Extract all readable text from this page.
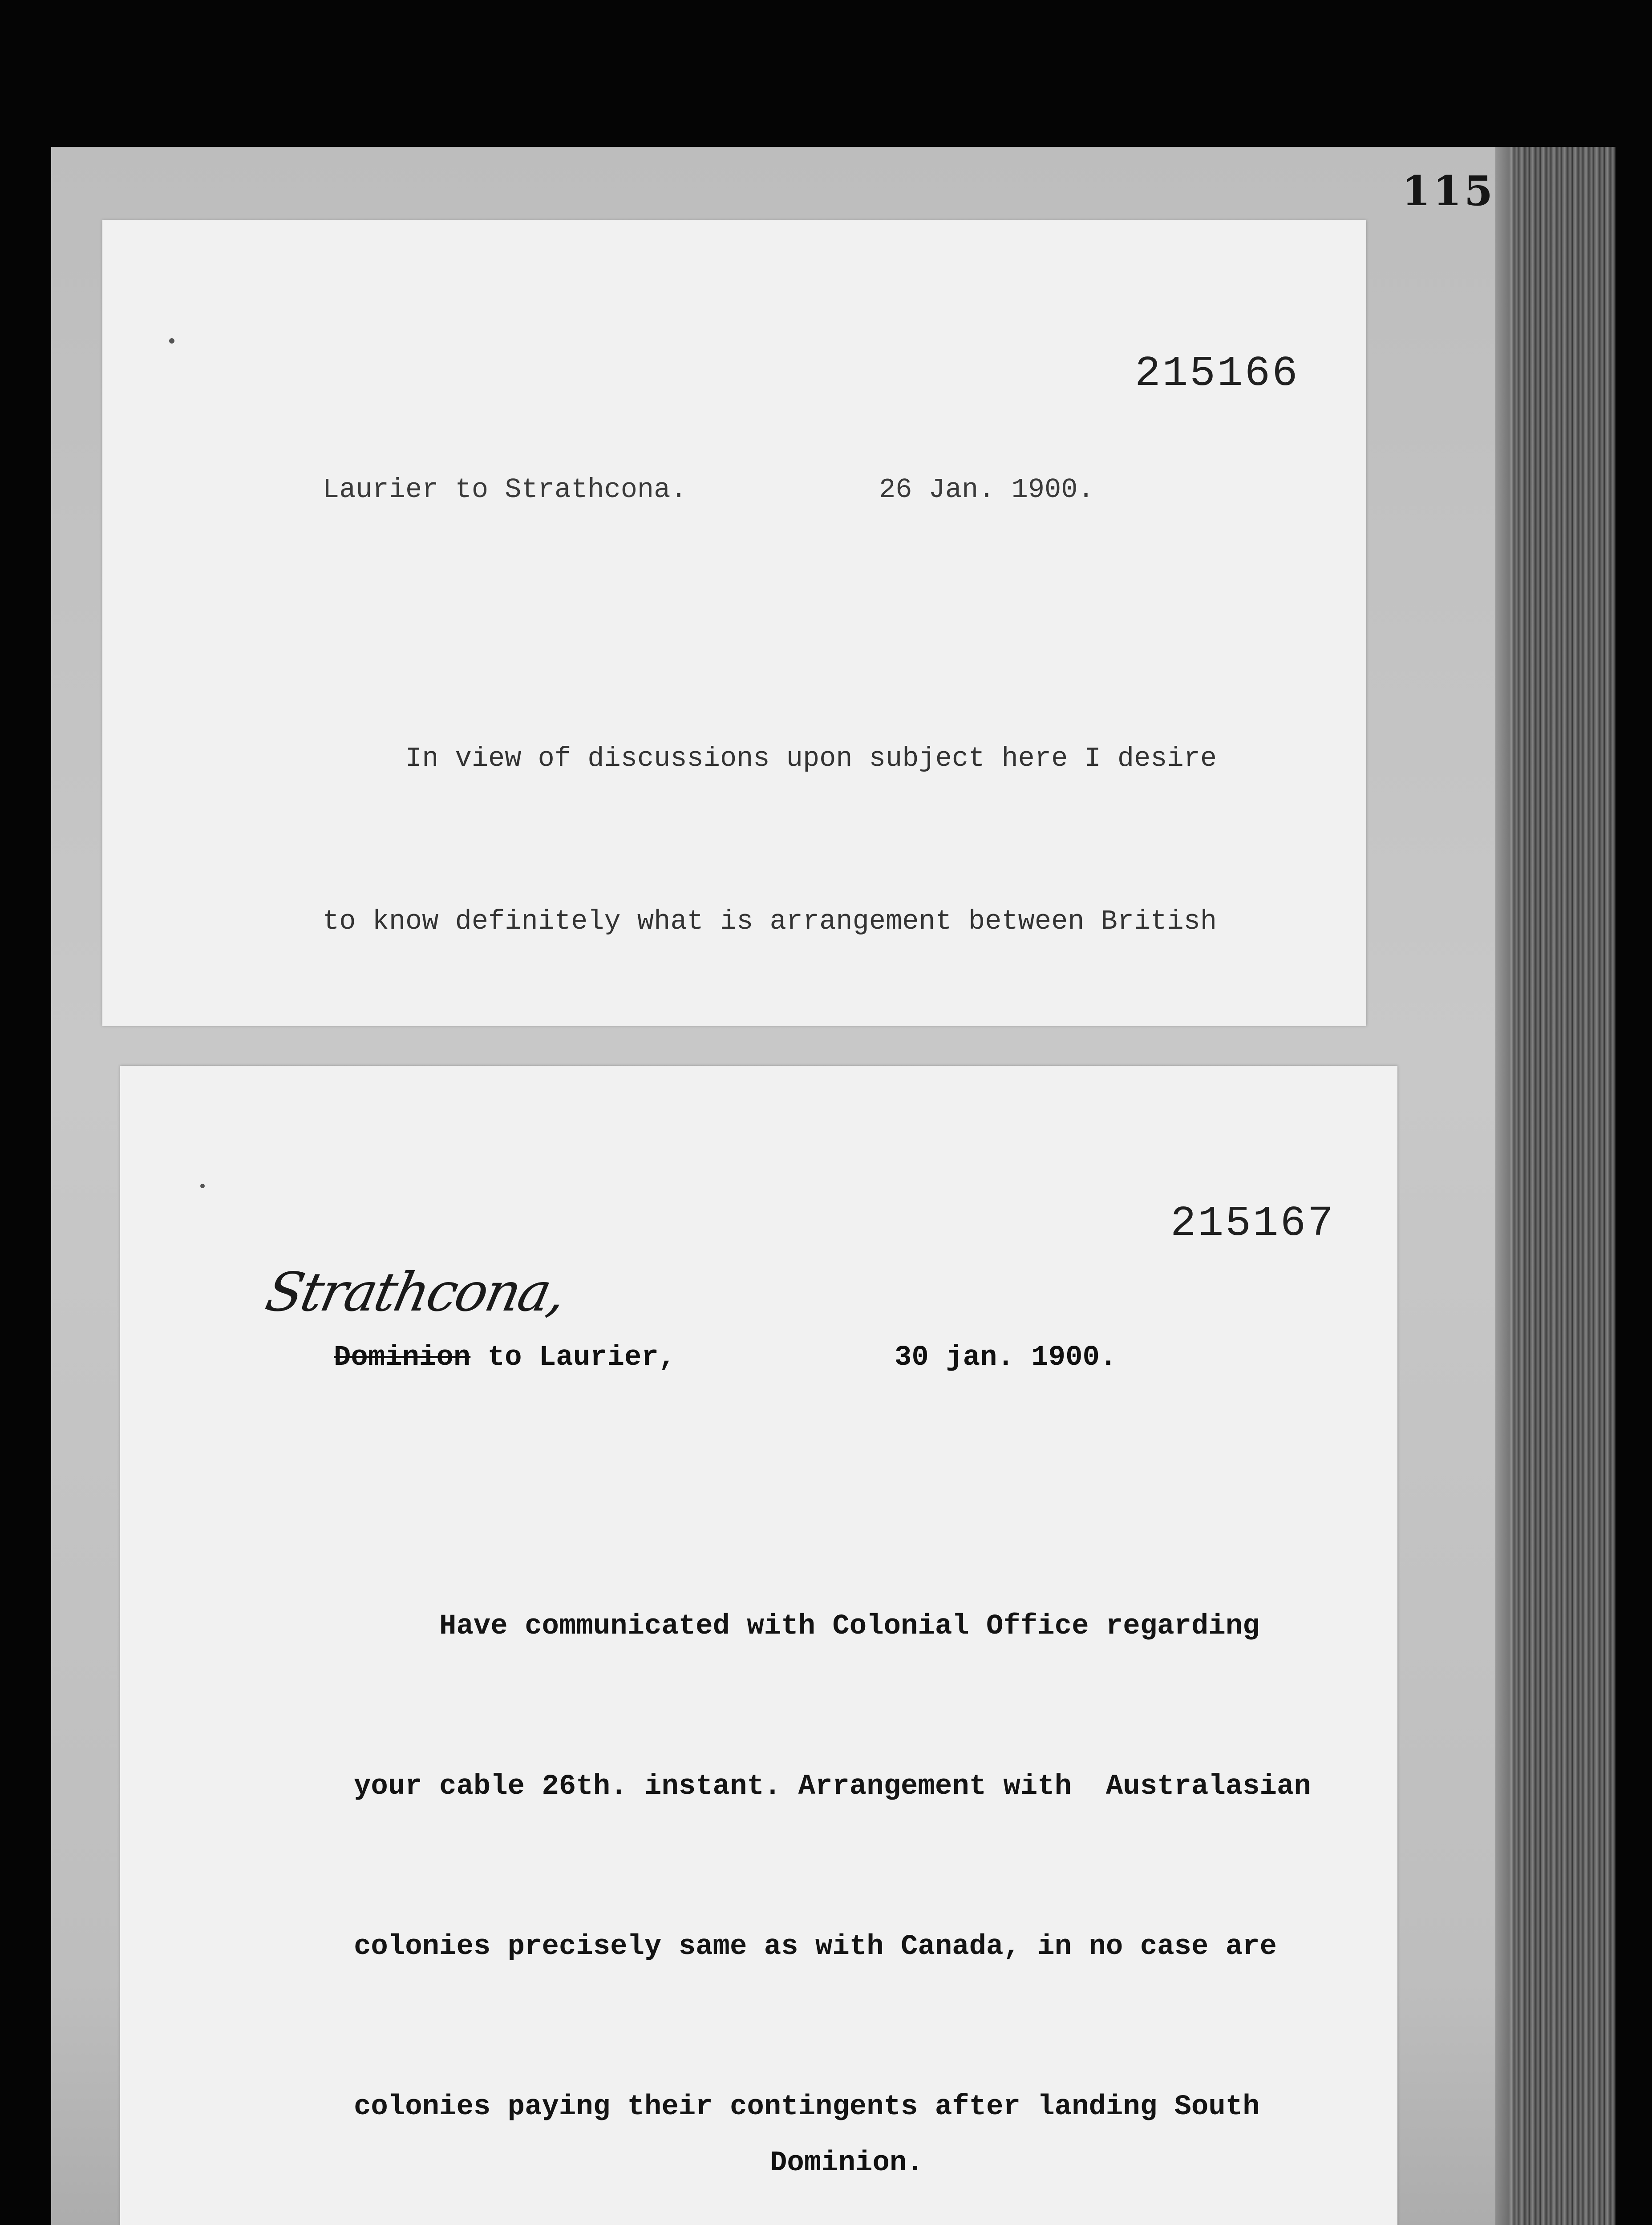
115
215166
Laurier to Strathcona.	26 Jan. 1900.

In view of discussions upon subject here I desire

to know definitely what is arrangement between British

215167
Strathcona,
Dominion to Laurier,	30 jan. 1900.

Have communicated with Colonial Office regarding

your cable 26th. instant. Arrangement with  Australasian

colonies precisely same as with Canada, in no case are

colonies paying their contingents after landing South

Dominion.
